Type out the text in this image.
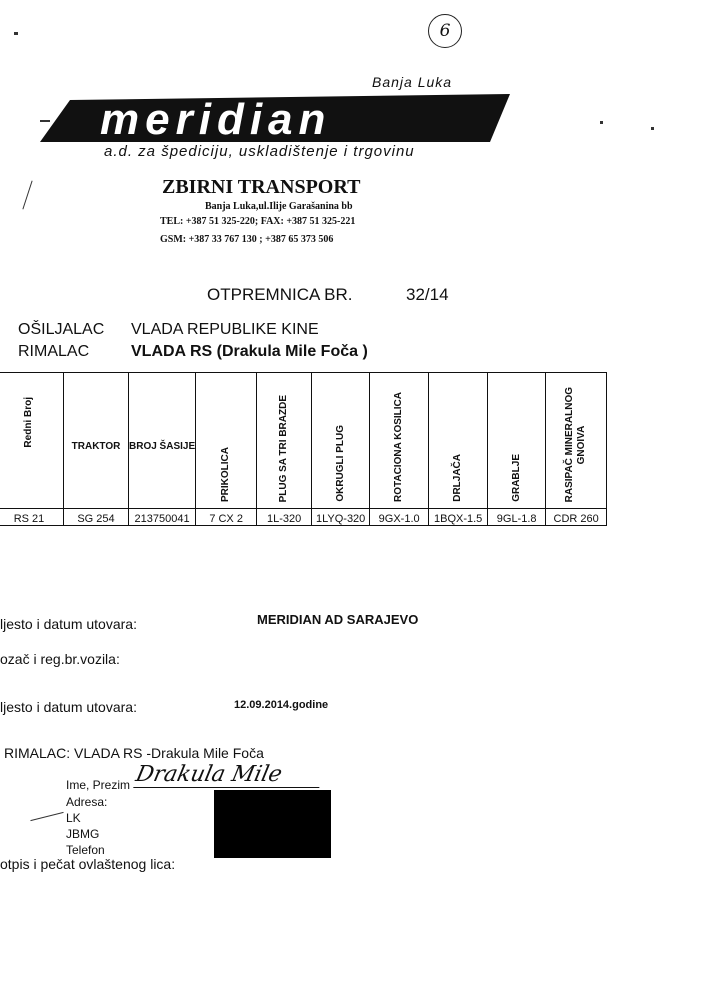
6
Banja Luka
meridian
a.d. za špediciju, uskladištenje i trgovinu
ZBIRNI TRANSPORT
Banja Luka,ul.Ilije Garašanina bb
TEL: +387 51 325-220; FAX: +387 51 325-221
GSM: +387 33 767 130 ; +387 65 373 506
OTPREMNICA BR.	32/14
OŠILJALAC VLADA REPUBLIKE KINE
RIMALAC	VLADA RS (Drakula Mile Foča )
Redni Broj	TRAKTOR	BROJ ŠASIJE	PRIKOLICA	PLUG SA TRI BRAZDE	OKRUGLI PLUG	ROTACIONA KOSILICA	DRLJAČA	GRABLJE	RASIPAČ MINERALNOG
GNOIVA

RS 21	SG 254	213750041	7 CX 2	1L-320	1LYQ-320	9GX-1.0	1BQX-1.5	9GL-1.8	CDR 260
ljesto i datum utovara:	MERIDIAN AD SARAJEVO
ozač i reg.br.vozila:
ljesto i datum utovara:	12.09.2014.godine
RIMALAC: VLADA RS -Drakula Mile Foča
Ime, Prezim Drakula Mile
Adresa:
LK
JBMG
Telefon
otpis i pečat ovlaštenog lica:
